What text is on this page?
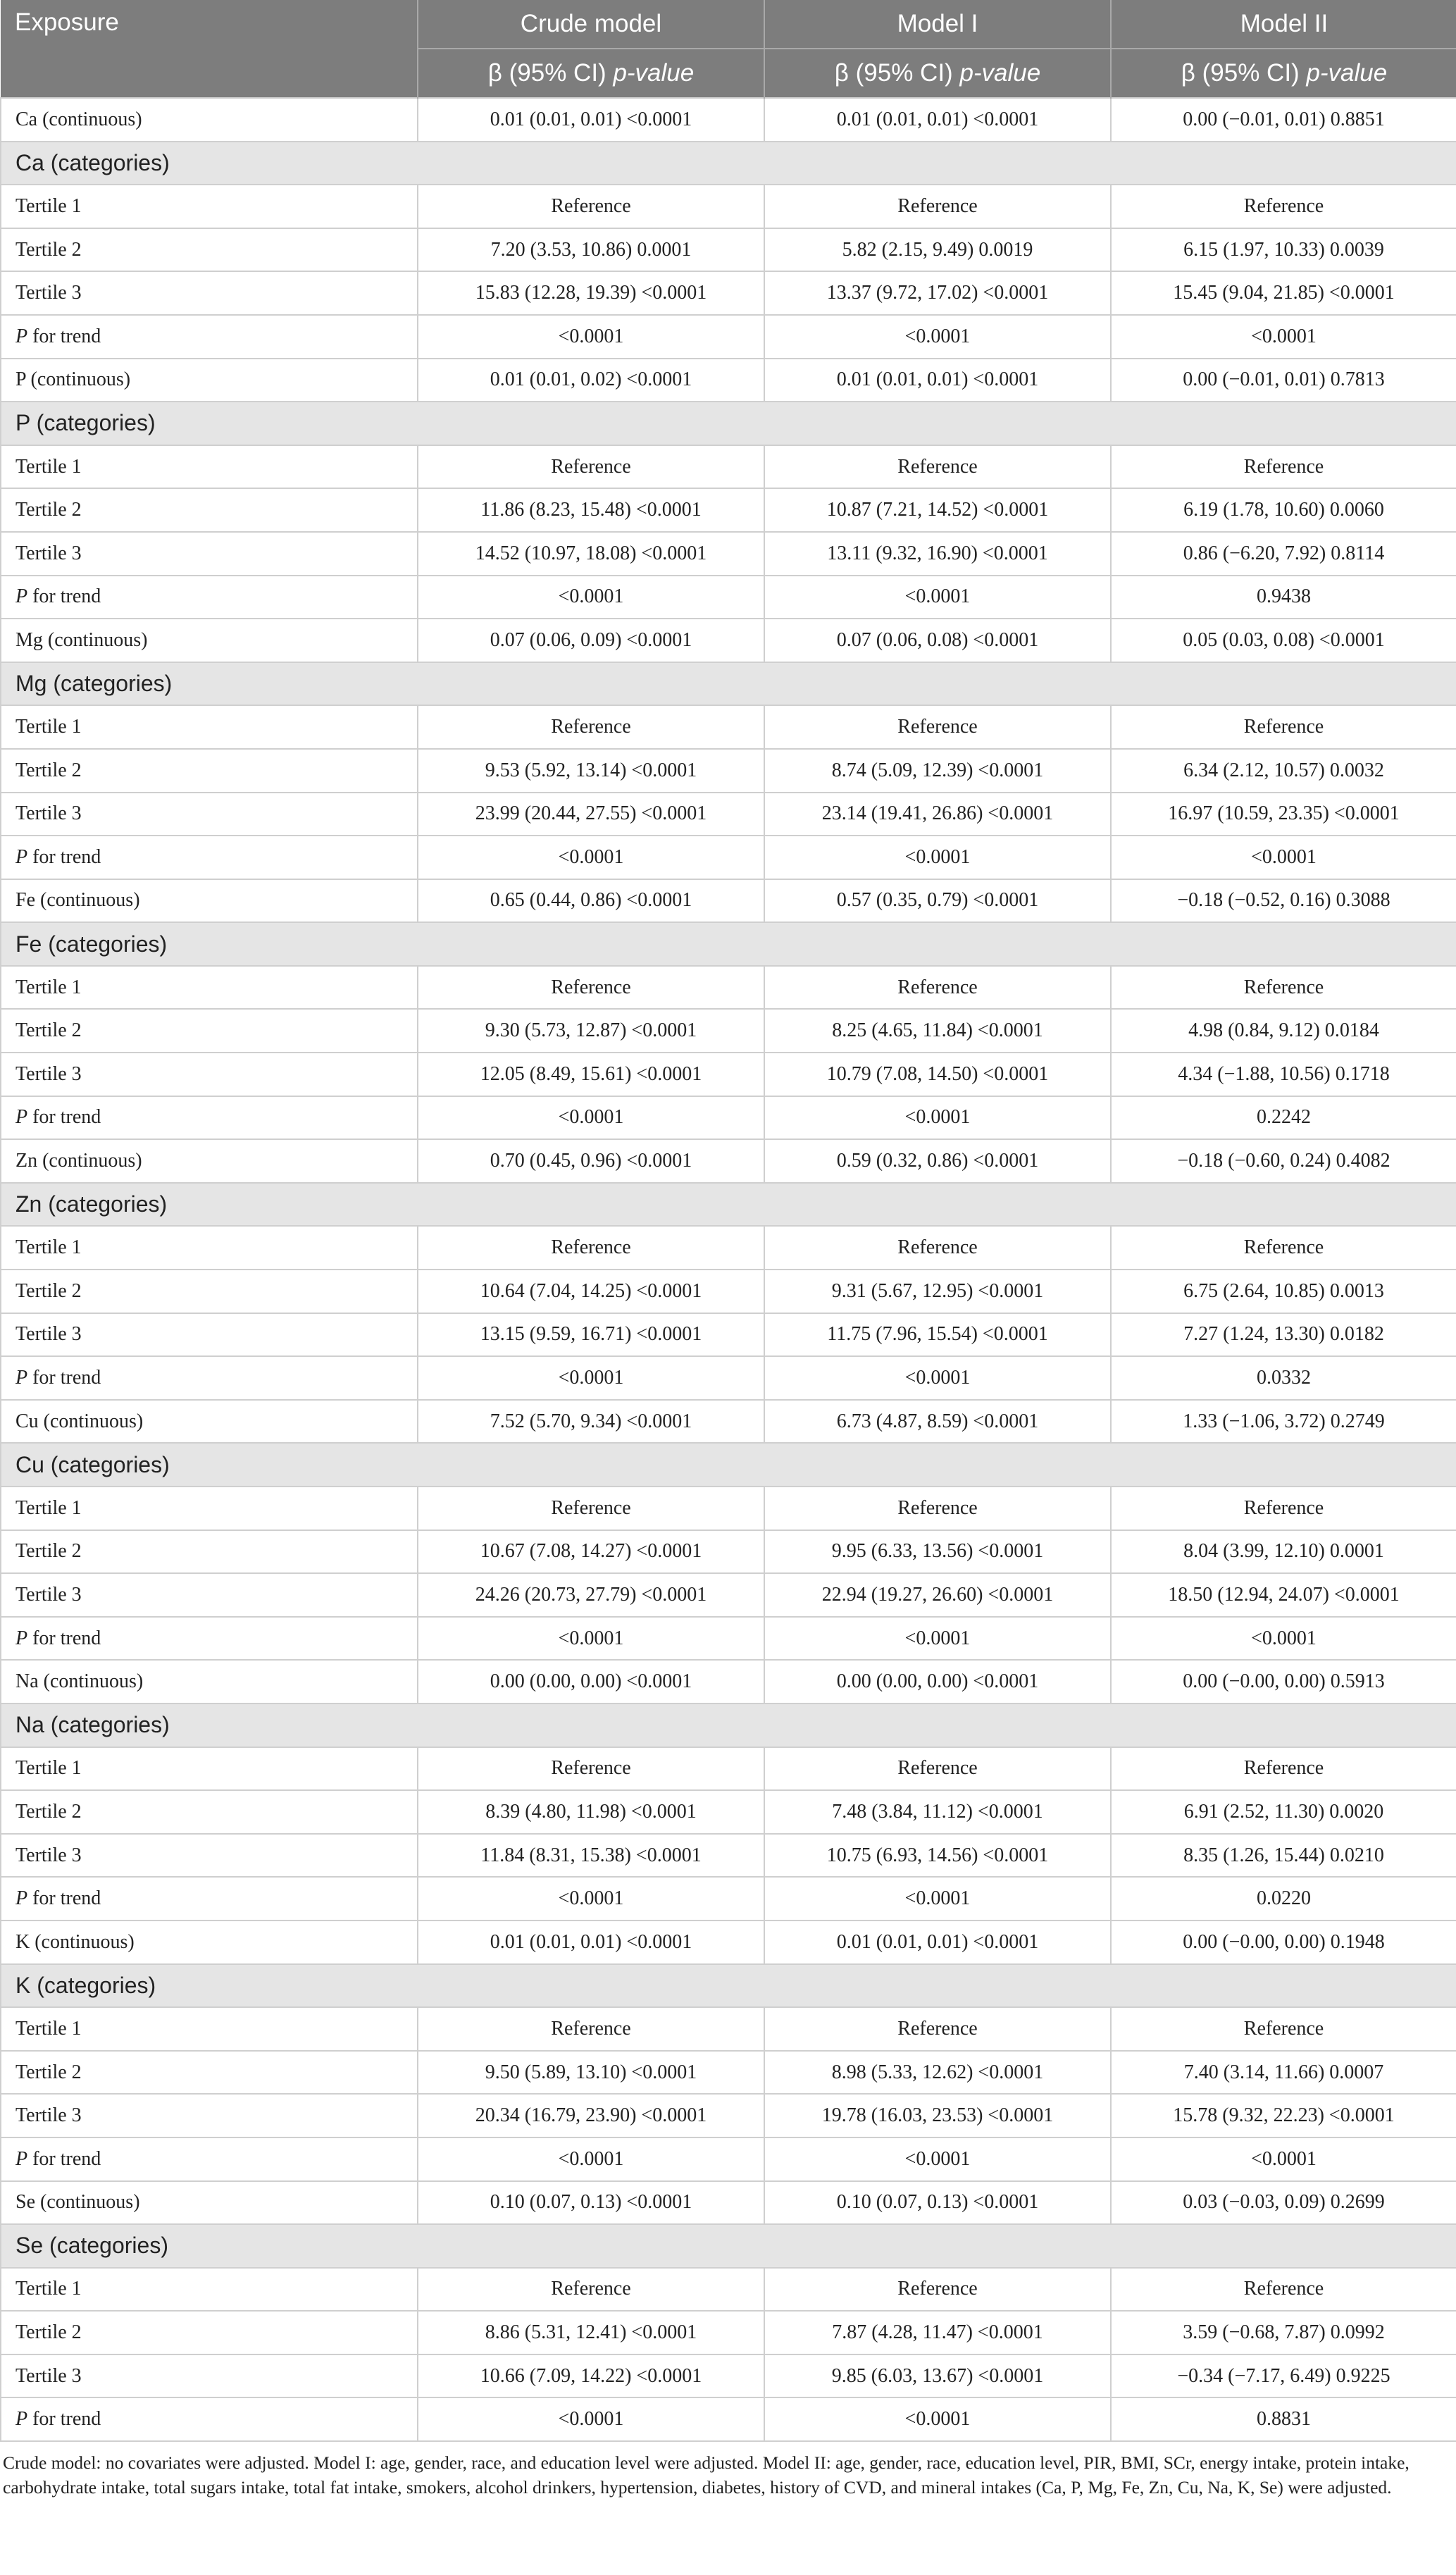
Exposure	Crude model	Model I	Model II
	β (95% CI) p-value	β (95% CI) p-value	β (95% CI) p-value
Ca (continuous)	0.01 (0.01, 0.01) <0.0001	0.01 (0.01, 0.01) <0.0001	0.00 (−0.01, 0.01) 0.8851
Ca (categories)			
Tertile 1	Reference	Reference	Reference
Tertile 2	7.20 (3.53, 10.86) 0.0001	5.82 (2.15, 9.49) 0.0019	6.15 (1.97, 10.33) 0.0039
Tertile 3	15.83 (12.28, 19.39) <0.0001	13.37 (9.72, 17.02) <0.0001	15.45 (9.04, 21.85) <0.0001
P for trend	<0.0001	<0.0001	<0.0001
P (continuous)	0.01 (0.01, 0.02) <0.0001	0.01 (0.01, 0.01) <0.0001	0.00 (−0.01, 0.01) 0.7813
P (categories)			
Tertile 1	Reference	Reference	Reference
Tertile 2	11.86 (8.23, 15.48) <0.0001	10.87 (7.21, 14.52) <0.0001	6.19 (1.78, 10.60) 0.0060
Tertile 3	14.52 (10.97, 18.08) <0.0001	13.11 (9.32, 16.90) <0.0001	0.86 (−6.20, 7.92) 0.8114
P for trend	<0.0001	<0.0001	0.9438
Mg (continuous)	0.07 (0.06, 0.09) <0.0001	0.07 (0.06, 0.08) <0.0001	0.05 (0.03, 0.08) <0.0001
Mg (categories)			
Tertile 1	Reference	Reference	Reference
Tertile 2	9.53 (5.92, 13.14) <0.0001	8.74 (5.09, 12.39) <0.0001	6.34 (2.12, 10.57) 0.0032
Tertile 3	23.99 (20.44, 27.55) <0.0001	23.14 (19.41, 26.86) <0.0001	16.97 (10.59, 23.35) <0.0001
P for trend	<0.0001	<0.0001	<0.0001
Fe (continuous)	0.65 (0.44, 0.86) <0.0001	0.57 (0.35, 0.79) <0.0001	−0.18 (−0.52, 0.16) 0.3088
Fe (categories)			
Tertile 1	Reference	Reference	Reference
Tertile 2	9.30 (5.73, 12.87) <0.0001	8.25 (4.65, 11.84) <0.0001	4.98 (0.84, 9.12) 0.0184
Tertile 3	12.05 (8.49, 15.61) <0.0001	10.79 (7.08, 14.50) <0.0001	4.34 (−1.88, 10.56) 0.1718
P for trend	<0.0001	<0.0001	0.2242
Zn (continuous)	0.70 (0.45, 0.96) <0.0001	0.59 (0.32, 0.86) <0.0001	−0.18 (−0.60, 0.24) 0.4082
Zn (categories)			
Tertile 1	Reference	Reference	Reference
Tertile 2	10.64 (7.04, 14.25) <0.0001	9.31 (5.67, 12.95) <0.0001	6.75 (2.64, 10.85) 0.0013
Tertile 3	13.15 (9.59, 16.71) <0.0001	11.75 (7.96, 15.54) <0.0001	7.27 (1.24, 13.30) 0.0182
P for trend	<0.0001	<0.0001	0.0332
Cu (continuous)	7.52 (5.70, 9.34) <0.0001	6.73 (4.87, 8.59) <0.0001	1.33 (−1.06, 3.72) 0.2749
Cu (categories)			
Tertile 1	Reference	Reference	Reference
Tertile 2	10.67 (7.08, 14.27) <0.0001	9.95 (6.33, 13.56) <0.0001	8.04 (3.99, 12.10) 0.0001
Tertile 3	24.26 (20.73, 27.79) <0.0001	22.94 (19.27, 26.60) <0.0001	18.50 (12.94, 24.07) <0.0001
P for trend	<0.0001	<0.0001	<0.0001
Na (continuous)	0.00 (0.00, 0.00) <0.0001	0.00 (0.00, 0.00) <0.0001	0.00 (−0.00, 0.00) 0.5913
Na (categories)			
Tertile 1	Reference	Reference	Reference
Tertile 2	8.39 (4.80, 11.98) <0.0001	7.48 (3.84, 11.12) <0.0001	6.91 (2.52, 11.30) 0.0020
Tertile 3	11.84 (8.31, 15.38) <0.0001	10.75 (6.93, 14.56) <0.0001	8.35 (1.26, 15.44) 0.0210
P for trend	<0.0001	<0.0001	0.0220
K (continuous)	0.01 (0.01, 0.01) <0.0001	0.01 (0.01, 0.01) <0.0001	0.00 (−0.00, 0.00) 0.1948
K (categories)			
Tertile 1	Reference	Reference	Reference
Tertile 2	9.50 (5.89, 13.10) <0.0001	8.98 (5.33, 12.62) <0.0001	7.40 (3.14, 11.66) 0.0007
Tertile 3	20.34 (16.79, 23.90) <0.0001	19.78 (16.03, 23.53) <0.0001	15.78 (9.32, 22.23) <0.0001
P for trend	<0.0001	<0.0001	<0.0001
Se (continuous)	0.10 (0.07, 0.13) <0.0001	0.10 (0.07, 0.13) <0.0001	0.03 (−0.03, 0.09) 0.2699
Se (categories)			
Tertile 1	Reference	Reference	Reference
Tertile 2	8.86 (5.31, 12.41) <0.0001	7.87 (4.28, 11.47) <0.0001	3.59 (−0.68, 7.87) 0.0992
Tertile 3	10.66 (7.09, 14.22) <0.0001	9.85 (6.03, 13.67) <0.0001	−0.34 (−7.17, 6.49) 0.9225
P for trend	<0.0001	<0.0001	0.8831
Crude model: no covariates were adjusted. Model I: age, gender, race, and education level were adjusted. Model II: age, gender, race, education level, PIR, BMI, SCr, energy intake, protein intake, carbohydrate intake, total sugars intake, total fat intake, smokers, alcohol drinkers, hypertension, diabetes, history of CVD, and mineral intakes (Ca, P, Mg, Fe, Zn, Cu, Na, K, Se) were adjusted.
